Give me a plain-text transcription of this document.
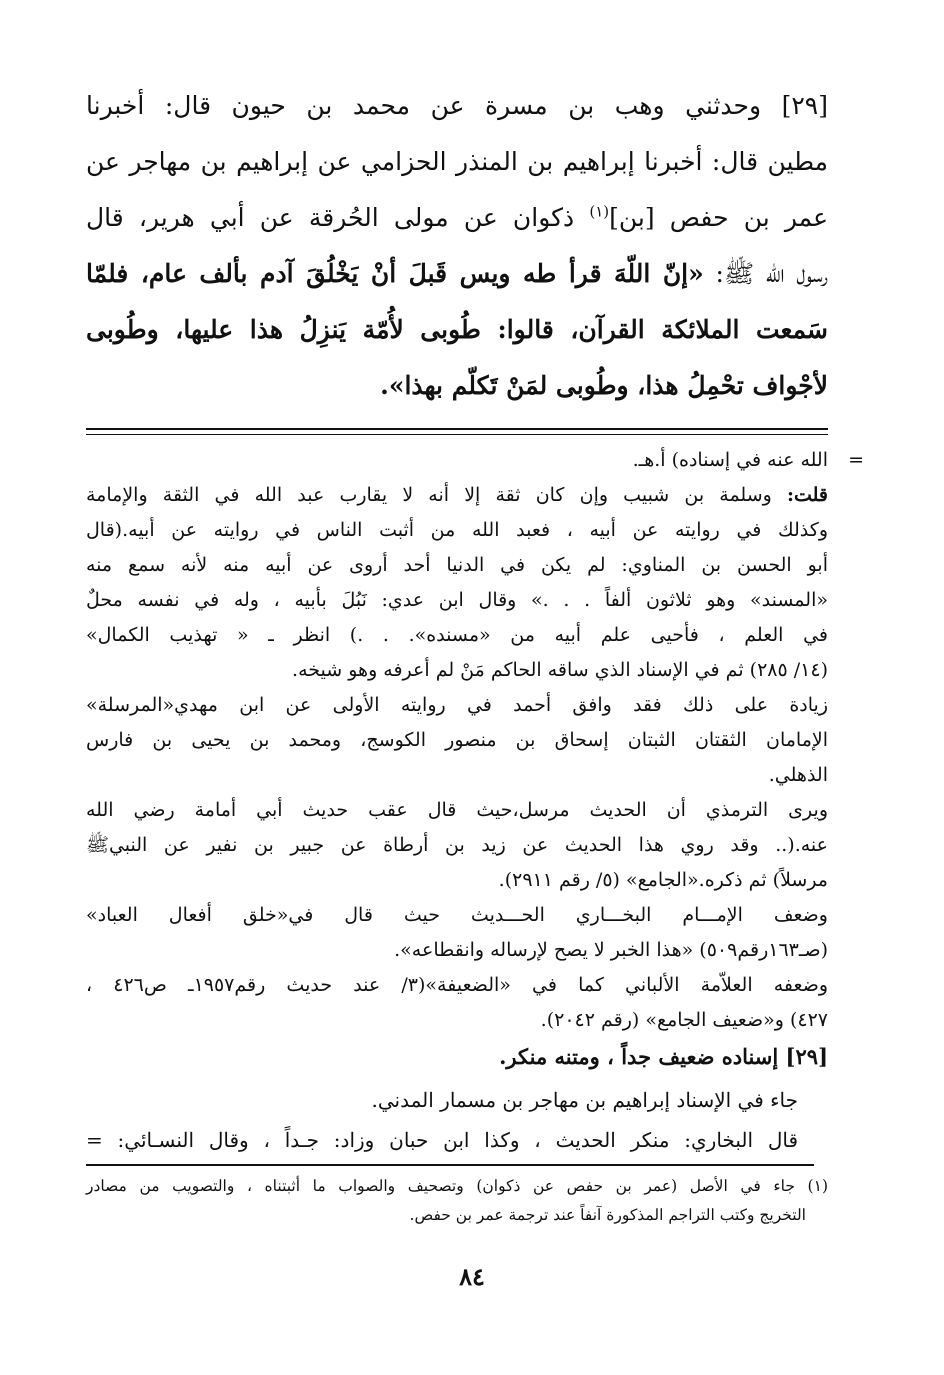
[٢٩] وحدثني وهب بن مسرة عن محمد بن حيون قال: أخبرنا
مطين قال: أخبرنا إبراهيم بن المنذر الحزامي عن إبراهيم بن مهاجر عن
عمر بن حفص [بن]$^{(١)}$ ذكوان عن مولى الحُرقة عن أبي هرير، قال
رسول الله ﷺ: «إنّ اللّهَ قرأ طه ويس قَبلَ أنْ يَخْلُقَ آدم بألف عام، فلمّا
سَمعت الملائكة القرآن، قالوا: طُوبى لأُمّة يَنزِلُ هذا عليها، وطُوبى
لأجْواف تحْمِلُ هذا، وطُوبى لمَنْ تَكلّم بهذا».
=
الله عنه في إسناده) أ.هـ.
قلت: وسلمة بن شبيب وإن كان ثقة إلا أنه لا يقارب عبد الله في الثقة والإمامة
وكذلك في روايته عن أبيه ، فعبد الله من أثبت الناس في روايته عن أبيه.(قال
أبو الحسن بن المناوي: لم يكن في الدنيا أحد أروى عن أبيه منه لأنه سمع منه
«المسند» وهو ثلاثون ألفاً . . .» وقال ابن عدي: نَبُلَ بأبيه ، وله في نفسه محلٌ
في العلم ، فأحيى علم أبيه من «مسنده». . .) انظر ـ « تهذيب الكمال»
(١٤/ ٢٨٥) ثم في الإسناد الذي ساقه الحاكم مَنْ لم أعرفه وهو شيخه.
زيادة على ذلك فقد وافق أحمد في روايته الأولى عن ابن مهدي«المرسلة»
الإمامان الثقتان الثبتان إسحاق بن منصور الكوسج، ومحمد بن يحيى بن فارس
الذهلي.
ويرى الترمذي أن الحديث مرسل،حيث قال عقب حديث أبي أمامة رضي الله
عنه.(.. وقد روي هذا الحديث عن زيد بن أرطاة عن جبير بن نفير عن النبيﷺ
مرسلاً) ثم ذكره.«الجامع» (٥/ رقم ٢٩١١).
وضعف الإمـــام البخـــاري الحـــديث حيث قال في«خلق أفعال العباد»
(صـ١٦٣رقم٥٠٩) «هذا الخبر لا يصح لإرساله وانقطاعه».
وضعفه العلاّمة الألباني كما في «الضعيفة»(٣/ عند حديث رقم١٩٥٧ـ ص٤٢٦ ،
٤٢٧) و«ضعيف الجامع» (رقم ٢٠٤٢).
[٢٩] إسناده ضعيف جداً ، ومتنه منكر.
جاء في الإسناد إبراهيم بن مهاجر بن مسمار المدني.
قال البخاري: منكر الحديث ، وكذا ابن حبان وزاد: جـداً ، وقال النسـائي: =
(١) جاء في الأصل (عمر بن حفص عن ذكوان) وتصحيف والصواب ما أثبتناه ، والتصويب من مصادر
التخريج وكتب التراجم المذكورة آنفاً عند ترجمة عمر بن حفص.
٨٤
